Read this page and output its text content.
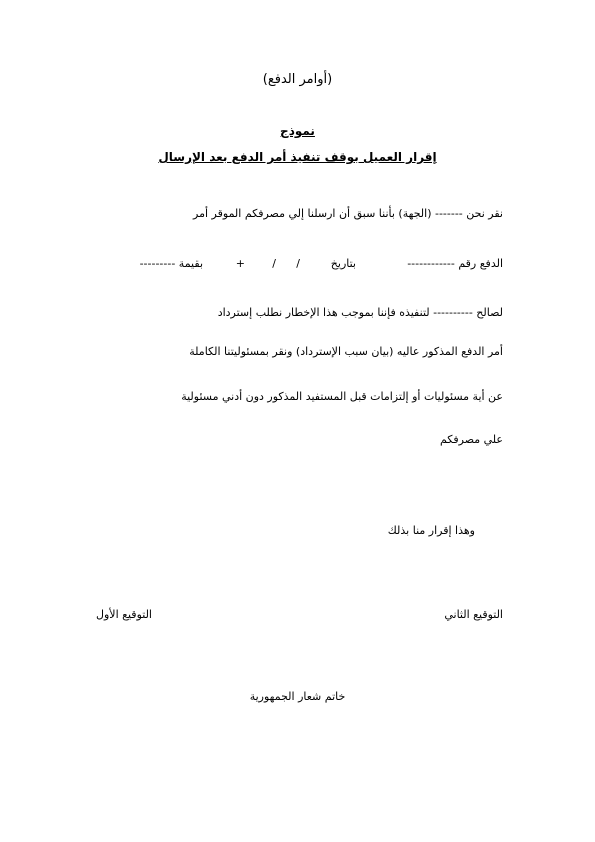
(أوامر الدفع)
نموذج
إقرار العميل بوقف تنفيذ أمر الدفع بعد الإرسال
نقر نحن ------- (الجهة) بأننا سبق أن ارسلنا إلي مصرفكم الموقر أمر
الدفع رقم ------------
بتاريخ
/
/
+
بقيمة ---------
لصالح ---------- لتنفيذه فإننا بموجب هذا الإخطار نطلب إسترداد
أمر الدفع المذكور عاليه (بيان سبب الإسترداد) ونقر بمسئوليتنا الكاملة
عن أية مسئوليات أو إلتزامات قبل المستفيد المذكور دون أدني مسئولية
علي مصرفكم
وهذا إقرار منا بذلك
التوقيع الثاني
التوقيع الأول
خاتم شعار الجمهورية
